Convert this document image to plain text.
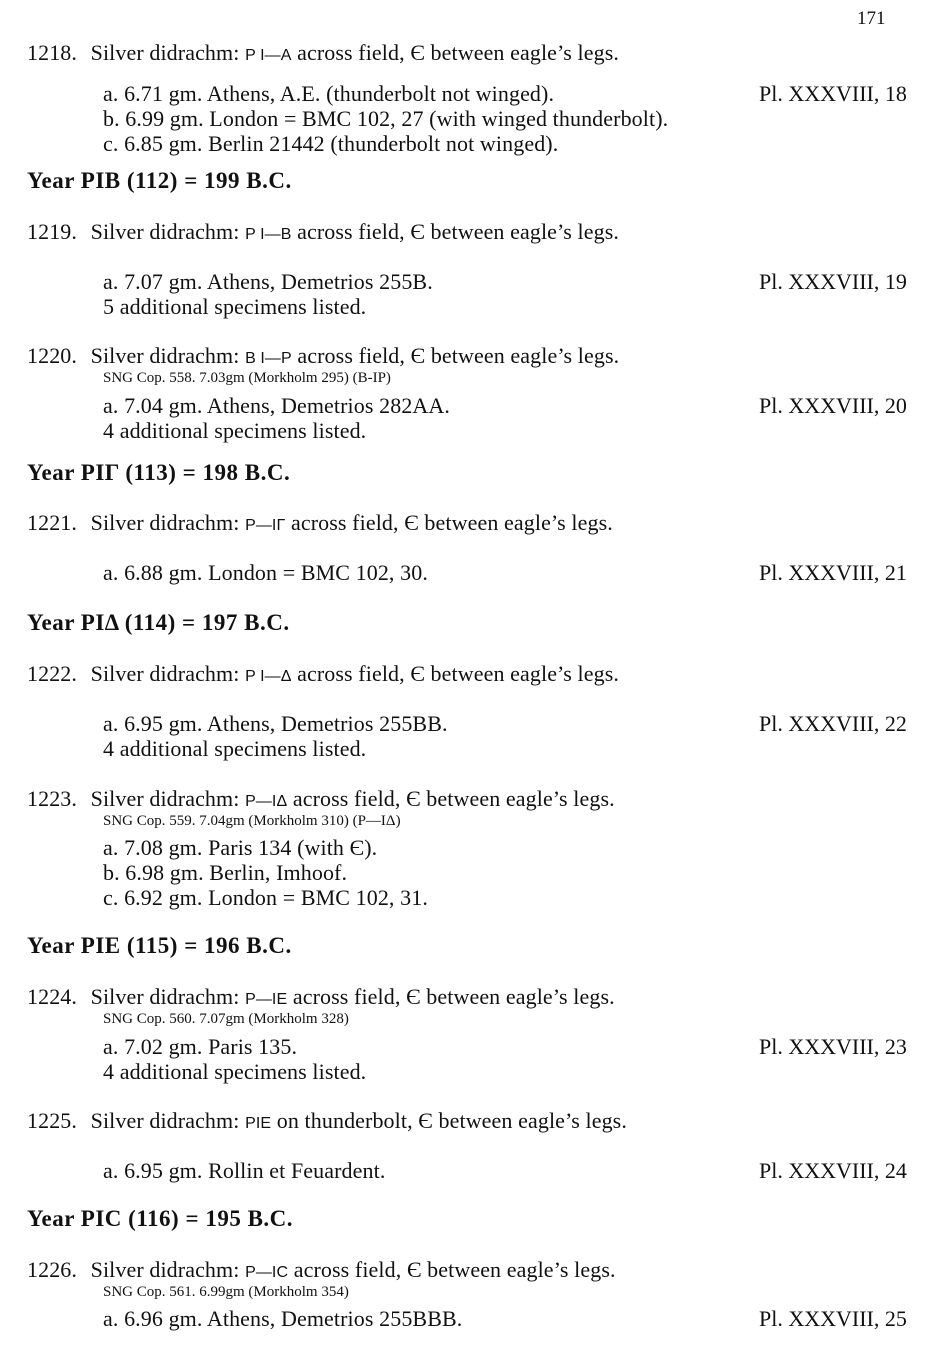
171
1218. Silver didrachm: P I—A across field, Є between eagle’s legs.
a. 6.71 gm. Athens, A.E. (thunderbolt not winged).	Pl. XXXVIII, 18
b. 6.99 gm. London = BMC 102, 27 (with winged thunderbolt).
c. 6.85 gm. Berlin 21442 (thunderbolt not winged).
Year PIB (112) = 199 B.C.
1219. Silver didrachm: P I—B across field, Є between eagle’s legs.
a. 7.07 gm. Athens, Demetrios 255B.	Pl. XXXVIII, 19
5 additional specimens listed.
1220. Silver didrachm: B I—P across field, Є between eagle’s legs.
SNG Cop. 558. 7.03gm (Morkholm 295) (B-IP)
a. 7.04 gm. Athens, Demetrios 282AA.	Pl. XXXVIII, 20
4 additional specimens listed.
Year PIΓ (113) = 198 B.C.
1221. Silver didrachm: P—IΓ across field, Є between eagle’s legs.
a. 6.88 gm. London = BMC 102, 30.	Pl. XXXVIII, 21
Year PIΔ (114) = 197 B.C.
1222. Silver didrachm: P I—Δ across field, Є between eagle’s legs.
a. 6.95 gm. Athens, Demetrios 255BB.	Pl. XXXVIII, 22
4 additional specimens listed.
1223. Silver didrachm: P—IΔ across field, Є between eagle’s legs.
SNG Cop. 559. 7.04gm (Morkholm 310) (P—IΔ)
a. 7.08 gm. Paris 134 (with Є).
b. 6.98 gm. Berlin, Imhoof.
c. 6.92 gm. London = BMC 102, 31.
Year PIE (115) = 196 B.C.
1224. Silver didrachm: P—IE across field, Є between eagle’s legs.
SNG Cop. 560. 7.07gm (Morkholm 328)
a. 7.02 gm. Paris 135.	Pl. XXXVIII, 23
4 additional specimens listed.
1225. Silver didrachm: PIE on thunderbolt, Є between eagle’s legs.
a. 6.95 gm. Rollin et Feuardent.	Pl. XXXVIII, 24
Year PIC (116) = 195 B.C.
1226. Silver didrachm: P—IC across field, Є between eagle’s legs.
SNG Cop. 561. 6.99gm (Morkholm 354)
a. 6.96 gm. Athens, Demetrios 255BBB.	Pl. XXXVIII, 25
